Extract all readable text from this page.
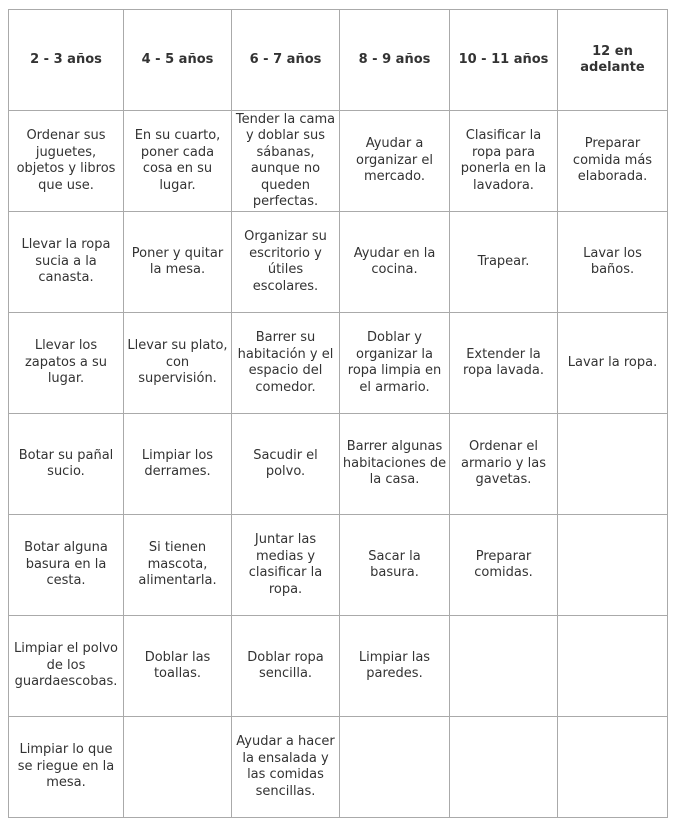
2 - 3 años	4 - 5 años	6 - 7 años	8 - 9 años	10 - 11 años	12 en adelante
Ordenar sus juguetes, objetos y libros que use.	En su cuarto, poner cada cosa en su lugar.	Tender la cama y doblar sus sábanas, aunque no queden perfectas.	Ayudar a organizar el mercado.	Clasificar la ropa para ponerla en la lavadora.	Preparar comida más elaborada.
Llevar la ropa sucia a la canasta.	Poner y quitar la mesa.	Organizar su escritorio y útiles escolares.	Ayudar en la cocina.	Trapear.	Lavar los baños.
Llevar los zapatos a su lugar.	Llevar su plato, con supervisión.	Barrer su habitación y el espacio del comedor.	Doblar y organizar la ropa limpia en el armario.	Extender la ropa lavada.	Lavar la ropa.
Botar su pañal sucio.	Limpiar los derrames.	Sacudir el polvo.	Barrer algunas habitaciones de la casa.	Ordenar el armario y las gavetas.	
Botar alguna basura en la cesta.	Si tienen mascota, alimentarla.	Juntar las medias y clasificar la ropa.	Sacar la basura.	Preparar comidas.	
Limpiar el polvo de los guardaescobas.	Doblar las toallas.	Doblar ropa sencilla.	Limpiar las paredes.		
Limpiar lo que se riegue en la mesa.		Ayudar a hacer la ensalada y las comidas sencillas.			
